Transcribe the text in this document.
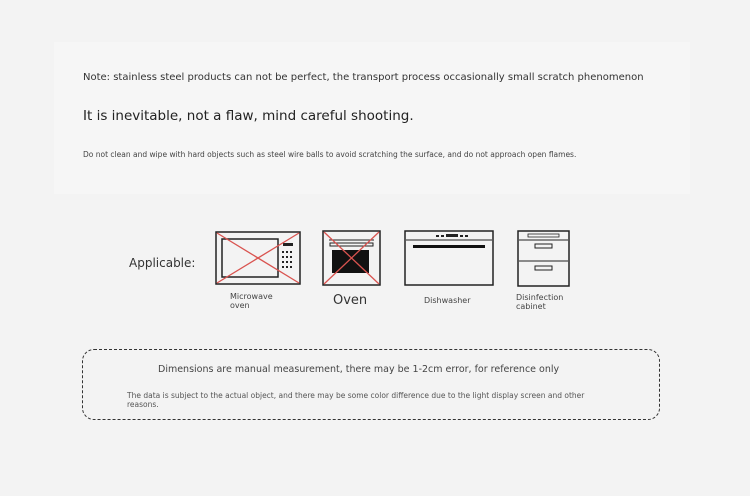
Note: stainless steel products can not be perfect, the transport process occasionally small scratch phenomenon
It is inevitable, not a flaw, mind careful shooting.
Do not clean and wipe with hard objects such as steel wire balls to avoid scratching the surface, and do not approach open flames.
Applicable:
Microwave
oven	Oven	Dishwasher	Disinfection
cabinet
Dimensions are manual measurement, there may be 1-2cm error, for reference only
The data is subject to the actual object, and there may be some color difference due to the light display screen and other reasons.
